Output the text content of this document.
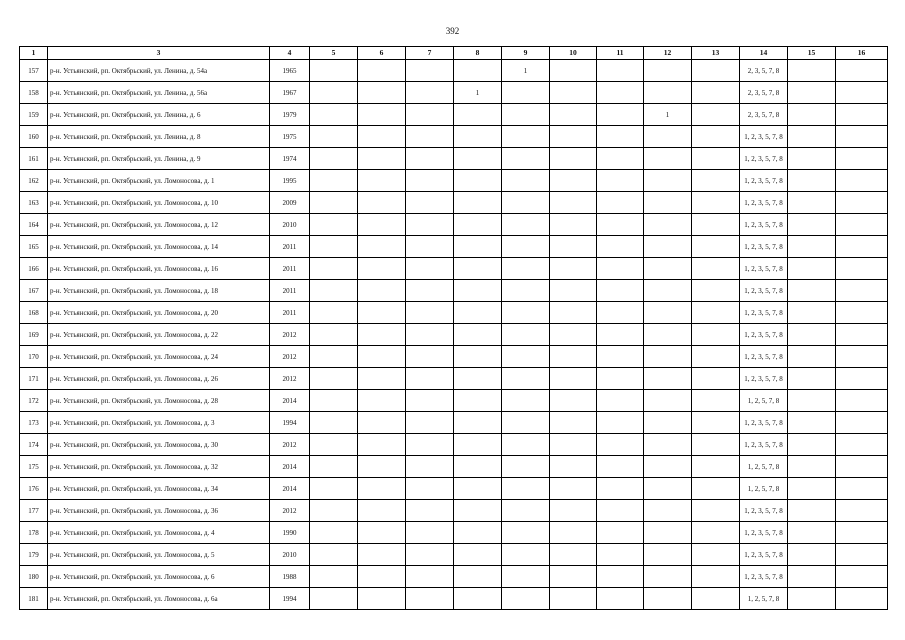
392
1	3	4	5	6	7	8	9	10	11	12	13	14	15	16
157	р-н. Устьянский, рп. Октябрьский, ул. Ленина, д. 54а	1965					1					2, 3, 5, 7, 8		
158	р-н. Устьянский, рп. Октябрьский, ул. Ленина, д. 56а	1967				1						2, 3, 5, 7, 8		
159	р-н. Устьянский, рп. Октябрьский, ул. Ленина, д. 6	1979								1		2, 3, 5, 7, 8		
160	р-н. Устьянский, рп. Октябрьский, ул. Ленина, д. 8	1975										1, 2, 3, 5, 7, 8		
161	р-н. Устьянский, рп. Октябрьский, ул. Ленина, д. 9	1974										1, 2, 3, 5, 7, 8		
162	р-н. Устьянский, рп. Октябрьский, ул. Ломоносова, д. 1	1995										1, 2, 3, 5, 7, 8		
163	р-н. Устьянский, рп. Октябрьский, ул. Ломоносова, д. 10	2009										1, 2, 3, 5, 7, 8		
164	р-н. Устьянский, рп. Октябрьский, ул. Ломоносова, д. 12	2010										1, 2, 3, 5, 7, 8		
165	р-н. Устьянский, рп. Октябрьский, ул. Ломоносова, д. 14	2011										1, 2, 3, 5, 7, 8		
166	р-н. Устьянский, рп. Октябрьский, ул. Ломоносова, д. 16	2011										1, 2, 3, 5, 7, 8		
167	р-н. Устьянский, рп. Октябрьский, ул. Ломоносова, д. 18	2011										1, 2, 3, 5, 7, 8		
168	р-н. Устьянский, рп. Октябрьский, ул. Ломоносова, д. 20	2011										1, 2, 3, 5, 7, 8		
169	р-н. Устьянский, рп. Октябрьский, ул. Ломоносова, д. 22	2012										1, 2, 3, 5, 7, 8		
170	р-н. Устьянский, рп. Октябрьский, ул. Ломоносова, д. 24	2012										1, 2, 3, 5, 7, 8		
171	р-н. Устьянский, рп. Октябрьский, ул. Ломоносова, д. 26	2012										1, 2, 3, 5, 7, 8		
172	р-н. Устьянский, рп. Октябрьский, ул. Ломоносова, д. 28	2014										1, 2, 5, 7, 8		
173	р-н. Устьянский, рп. Октябрьский, ул. Ломоносова, д. 3	1994										1, 2, 3, 5, 7, 8		
174	р-н. Устьянский, рп. Октябрьский, ул. Ломоносова, д. 30	2012										1, 2, 3, 5, 7, 8		
175	р-н. Устьянский, рп. Октябрьский, ул. Ломоносова, д. 32	2014										1, 2, 5, 7, 8		
176	р-н. Устьянский, рп. Октябрьский, ул. Ломоносова, д. 34	2014										1, 2, 5, 7, 8		
177	р-н. Устьянский, рп. Октябрьский, ул. Ломоносова, д. 36	2012										1, 2, 3, 5, 7, 8		
178	р-н. Устьянский, рп. Октябрьский, ул. Ломоносова, д. 4	1990										1, 2, 3, 5, 7, 8		
179	р-н. Устьянский, рп. Октябрьский, ул. Ломоносова, д. 5	2010										1, 2, 3, 5, 7, 8		
180	р-н. Устьянский, рп. Октябрьский, ул. Ломоносова, д. 6	1988										1, 2, 3, 5, 7, 8		
181	р-н. Устьянский, рп. Октябрьский, ул. Ломоносова, д. 6а	1994										1, 2, 5, 7, 8		
